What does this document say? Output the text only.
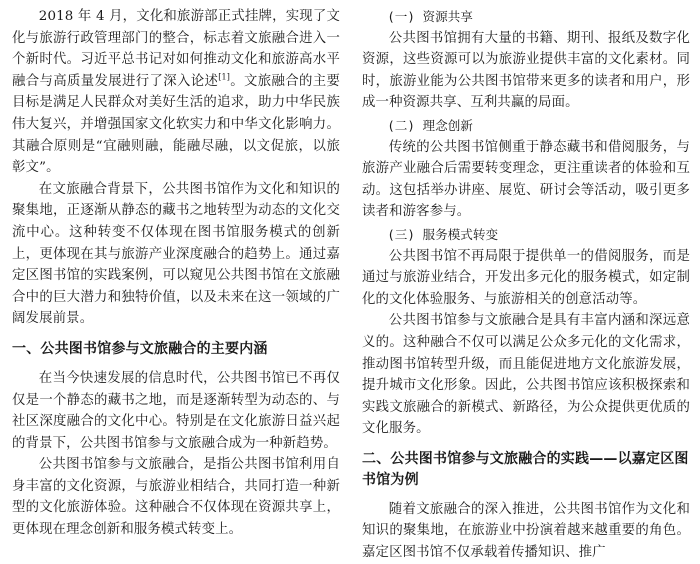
2018 年 4 月，文化和旅游部正式挂牌，实现了文化与旅游行政管理部门的整合，标志着文旅融合进入一个新时代。习近平总书记对如何推动文化和旅游高水平融合与高质量发展进行了深入论述[1]。文旅融合的主要目标是满足人民群众对美好生活的追求，助力中华民族伟大复兴，并增强国家文化软实力和中华文化影响力。其融合原则是“宜融则融，能融尽融，以文促旅，以旅彰文”。

在文旅融合背景下，公共图书馆作为文化和知识的聚集地，正逐渐从静态的藏书之地转型为动态的文化交流中心。这种转变不仅体现在图书馆服务模式的创新上，更体现在其与旅游产业深度融合的趋势上。通过嘉定区图书馆的实践案例，可以窥见公共图书馆在文旅融合中的巨大潜力和独特价值，以及未来在这一领域的广阔发展前景。

一、公共图书馆参与文旅融合的主要内涵

在当今快速发展的信息时代，公共图书馆已不再仅仅是一个静态的藏书之地，而是逐渐转型为动态的、与社区深度融合的文化中心。特别是在文化旅游日益兴起的背景下，公共图书馆参与文旅融合成为一种新趋势。

公共图书馆参与文旅融合，是指公共图书馆利用自身丰富的文化资源，与旅游业相结合，共同打造一种新型的文化旅游体验。这种融合不仅体现在资源共享上，更体现在理念创新和服务模式转变上。

(一) 资源共享

公共图书馆拥有大量的书籍、期刊、报纸及数字化资源，这些资源可以为旅游业提供丰富的文化素材。同时，旅游业能为公共图书馆带来更多的读者和用户，形成一种资源共享、互利共赢的局面。

(二) 理念创新

传统的公共图书馆侧重于静态藏书和借阅服务，与旅游产业融合后需要转变理念，更注重读者的体验和互动。这包括举办讲座、展览、研讨会等活动，吸引更多读者和游客参与。

(三) 服务模式转变

公共图书馆不再局限于提供单一的借阅服务，而是通过与旅游业结合，开发出多元化的服务模式，如定制化的文化体验服务、与旅游相关的创意活动等。

公共图书馆参与文旅融合是具有丰富内涵和深远意义的。这种融合不仅可以满足公众多元化的文化需求，推动图书馆转型升级，而且能促进地方文化旅游发展，提升城市文化形象。因此，公共图书馆应该积极探索和实践文旅融合的新模式、新路径，为公众提供更优质的文化服务。

二、公共图书馆参与文旅融合的实践——以嘉定区图书馆为例

随着文旅融合的深入推进，公共图书馆作为文化和知识的聚集地，在旅游业中扮演着越来越重要的角色。嘉定区图书馆不仅承载着传播知识、推广
